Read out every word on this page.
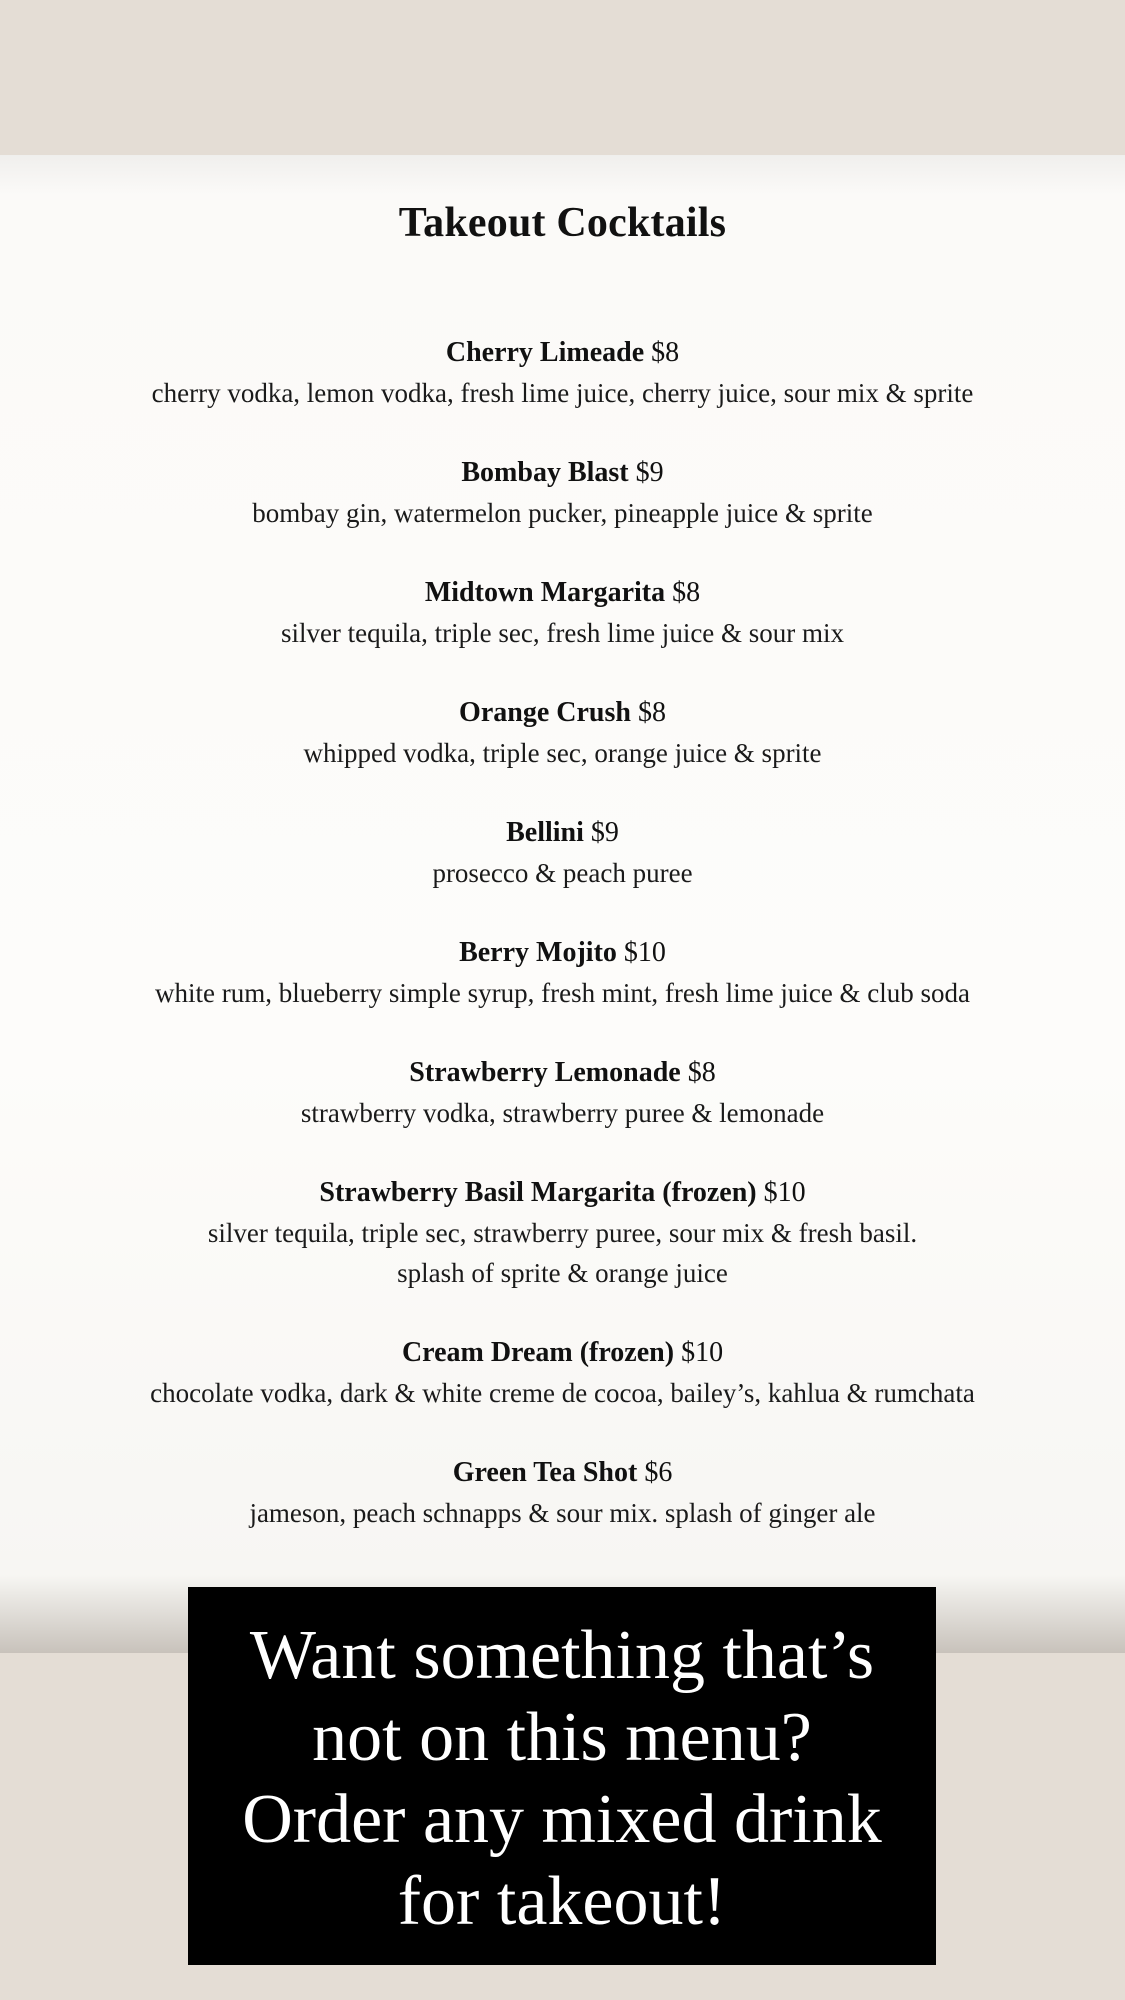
Takeout Cocktails
Cherry Limeade $8
cherry vodka, lemon vodka, fresh lime juice, cherry juice, sour mix & sprite
Bombay Blast $9
bombay gin, watermelon pucker, pineapple juice & sprite
Midtown Margarita $8
silver tequila, triple sec, fresh lime juice & sour mix
Orange Crush $8
whipped vodka, triple sec, orange juice & sprite
Bellini $9
prosecco & peach puree
Berry Mojito $10
white rum, blueberry simple syrup, fresh mint, fresh lime juice & club soda
Strawberry Lemonade $8
strawberry vodka, strawberry puree & lemonade
Strawberry Basil Margarita (frozen) $10
silver tequila, triple sec, strawberry puree, sour mix & fresh basil.
splash of sprite & orange juice
Cream Dream (frozen) $10
chocolate vodka, dark & white creme de cocoa, bailey’s, kahlua & rumchata
Green Tea Shot $6
jameson, peach schnapps & sour mix. splash of ginger ale

Want something that’s
not on this menu?
Order any mixed drink
for takeout!
